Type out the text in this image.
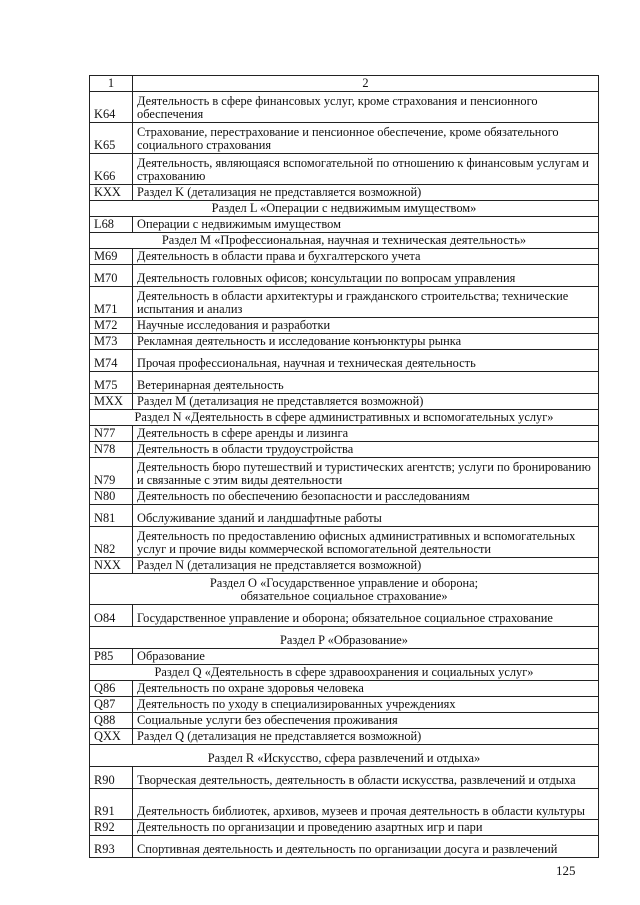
1	2
K64	Деятельность в сфере финансовых услуг, кроме страхования и пенсионного обеспечения
K65	Страхование, перестрахование и пенсионное обеспечение, кроме обязательного социального страхования
K66	Деятельность, являющаяся вспомогательной по отношению к финансовым услугам и страхованию
KXX	Раздел K (детализация не представляется возможной)
Раздел L «Операции с недвижимым имуществом»	
L68	Операции с недвижимым имуществом
Раздел M «Профессиональная, научная и техническая деятельность»	
M69	Деятельность в области права и бухгалтерского учета
M70	Деятельность головных офисов; консультации по вопросам управления
M71	Деятельность в области архитектуры и гражданского строительства; технические испытания и анализ
M72	Научные исследования и разработки
M73	Рекламная деятельность и исследование конъюнктуры рынка
M74	Прочая профессиональная, научная и техническая деятельность
M75	Ветеринарная деятельность
MXX	Раздел M (детализация не представляется возможной)
Раздел N «Деятельность в сфере административных и вспомогательных услуг»	
N77	Деятельность в сфере аренды и лизинга
N78	Деятельность в области трудоустройства
N79	Деятельность бюро путешествий и туристических агентств; услуги по бронированию и связанные с этим виды деятельности
N80	Деятельность по обеспечению безопасности и расследованиям
N81	Обслуживание зданий и ландшафтные работы
N82	Деятельность по предоставлению офисных административных и вспомогательных услуг и прочие виды коммерческой вспомогательной деятельности
NXX	Раздел N (детализация не представляется возможной)

Раздел O «Государственное управление и оборона;
обязательное социальное страхование»	

O84	Государственное управление и оборона; обязательное социальное страхование
Раздел P «Образование»	
P85	Образование
Раздел Q «Деятельность в сфере здравоохранения и социальных услуг»	
Q86	Деятельность по охране здоровья человека
Q87	Деятельность по уходу в специализированных учреждениях
Q88	Социальные услуги без обеспечения проживания
QXX	Раздел Q (детализация не представляется возможной)
Раздел R «Искусство, сфера развлечений и отдыха»	
R90	Творческая деятельность, деятельность в области искусства, развлечений и отдыха
R91	Деятельность библиотек, архивов, музеев и прочая деятельность в области культуры
R92	Деятельность по организации и проведению азартных игр и пари
R93	Спортивная деятельность и деятельность по организации досуга и развлечений
125
